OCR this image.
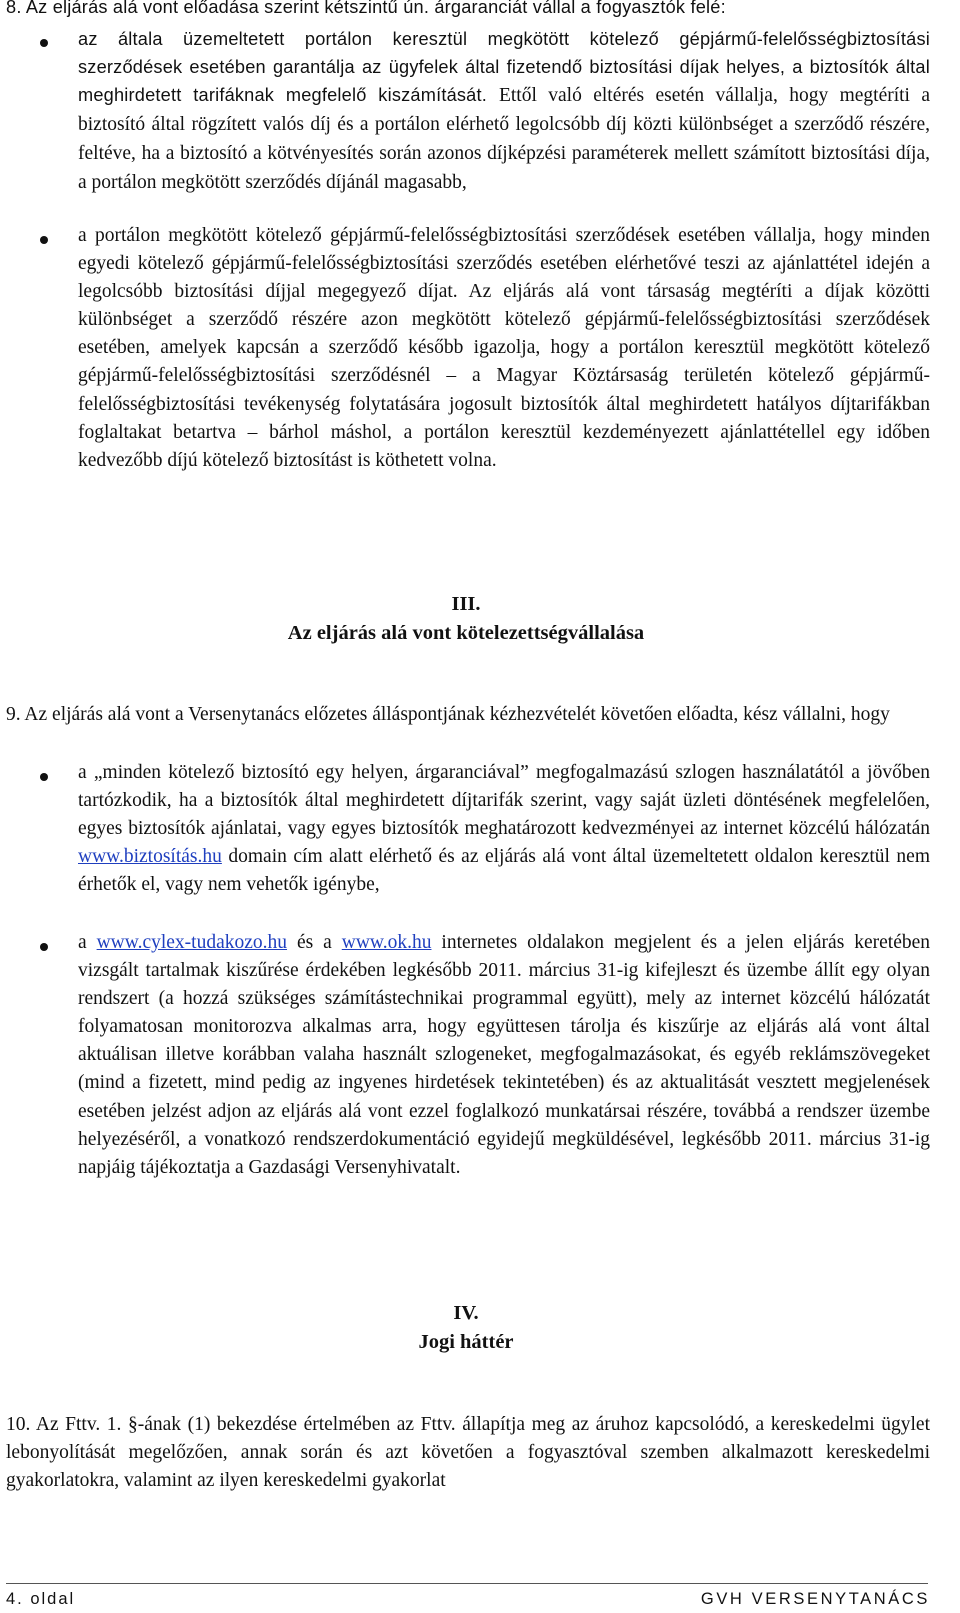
8. Az eljárás alá vont előadása szerint kétszintű ún. árgaranciát vállal a fogyasztók felé:

az általa üzemeltetett portálon keresztül megkötött kötelező gépjármű-felelősségbiztosítási szerződések esetében garantálja az ügyfelek által fizetendő biztosítási díjak helyes, a biztosítók által meghirdetett tarifáknak megfelelő kiszámítását. Ettől való eltérés esetén vállalja, hogy megtéríti a biztosító által rögzített valós díj és a portálon elérhető legolcsóbb díj közti különbséget a szerződő részére, feltéve, ha a biztosító a kötvényesítés során azonos díjképzési paraméterek mellett számított biztosítási díja, a portálon megkötött szerződés díjánál magasabb,

a portálon megkötött kötelező gépjármű-felelősségbiztosítási szerződések esetében vállalja, hogy minden egyedi kötelező gépjármű-felelősségbiztosítási szerződés esetében elérhetővé teszi az ajánlattétel idején a legolcsóbb biztosítási díjjal megegyező díjat. Az eljárás alá vont társaság megtéríti a díjak közötti különbséget a szerződő részére azon megkötött kötelező gépjármű-felelősségbiztosítási szerződések esetében, amelyek kapcsán a szerződő később igazolja, hogy a portálon keresztül megkötött kötelező gépjármű-felelősségbiztosítási szerződésnél – a Magyar Köztársaság területén kötelező gépjármű-felelősségbiztosítási tevékenység folytatására jogosult biztosítók által meghirdetett hatályos díjtarifákban foglaltakat betartva – bárhol máshol, a portálon keresztül kezdeményezett ajánlattétellel egy időben kedvezőbb díjú kötelező biztosítást is köthetett volna.

III.

Az eljárás alá vont kötelezettségvállalása

9. Az eljárás alá vont a Versenytanács előzetes álláspontjának kézhezvételét követően előadta, kész vállalni, hogy

a „minden kötelező biztosító egy helyen, árgaranciával” megfogalmazású szlogen használatától a jövőben tartózkodik, ha a biztosítók által meghirdetett díjtarifák szerint, vagy saját üzleti döntésének megfelelően, egyes biztosítók ajánlatai, vagy egyes biztosítók meghatározott kedvezményei az internet közcélú hálózatán www.biztosítás.hu domain cím alatt elérhető és az eljárás alá vont által üzemeltetett oldalon keresztül nem érhetők el, vagy nem vehetők igénybe,

a www.cylex-tudakozo.hu és a www.ok.hu internetes oldalakon megjelent és a jelen eljárás keretében vizsgált tartalmak kiszűrése érdekében legkésőbb 2011. március 31-ig kifejleszt és üzembe állít egy olyan rendszert (a hozzá szükséges számítástechnikai programmal együtt), mely az internet közcélú hálózatát folyamatosan monitorozva alkalmas arra, hogy együttesen tárolja és kiszűrje az eljárás alá vont által aktuálisan illetve korábban valaha használt szlogeneket, megfogalmazásokat, és egyéb reklámszövegeket (mind a fizetett, mind pedig az ingyenes hirdetések tekintetében) és az aktualitását vesztett megjelenések esetében jelzést adjon az eljárás alá vont ezzel foglalkozó munkatársai részére, továbbá a rendszer üzembe helyezéséről, a vonatkozó rendszerdokumentáció egyidejű megküldésével, legkésőbb 2011. március 31-ig napjáig tájékoztatja a Gazdasági Versenyhivatalt.

IV.

Jogi háttér

10. Az Fttv. 1. §-ának (1) bekezdése értelmében az Fttv. állapítja meg az áruhoz kapcsolódó, a kereskedelmi ügylet lebonyolítását megelőzően, annak során és azt követően a fogyasztóval szemben alkalmazott kereskedelmi gyakorlatokra, valamint az ilyen kereskedelmi gyakorlat

4. oldal	GVH VERSENYTANÁCS
